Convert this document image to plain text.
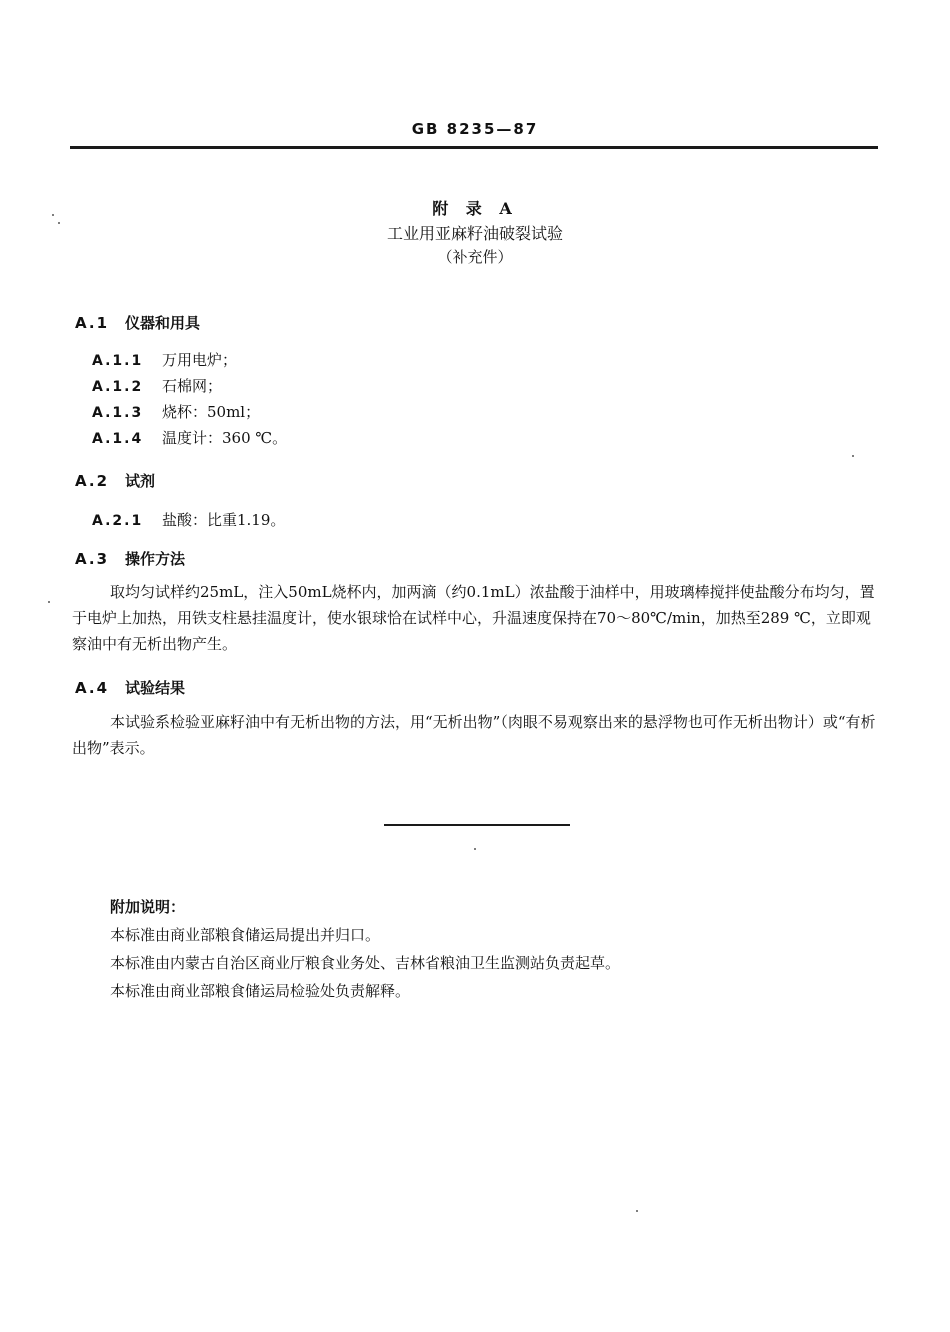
GB 8235—87
附 录 A
工业用亚麻籽油破裂试验
（补充件）
A.1 仪器和用具
A.1.1 万用电炉；
A.1.2 石棉网；
A.1.3 烧杯：50ml；
A.1.4 温度计：360 ℃。
A.2 试剂
A.2.1 盐酸：比重1.19。
A.3 操作方法
取均匀试样约25mL，注入50mL烧杯内，加两滴（约0.1mL）浓盐酸于油样中，用玻璃棒搅拌使盐酸分布均匀，置于电炉上加热，用铁支柱悬挂温度计，使水银球恰在试样中心，升温速度保持在70～80℃/min，加热至289 ℃，立即观察油中有无析出物产生。
A.4 试验结果
本试验系检验亚麻籽油中有无析出物的方法，用“无析出物”（肉眼不易观察出来的悬浮物也可作无析出物计）或“有析出物”表示。
附加说明：
本标准由商业部粮食储运局提出并归口。
本标准由内蒙古自治区商业厅粮食业务处、吉林省粮油卫生监测站负责起草。
本标准由商业部粮食储运局检验处负责解释。
